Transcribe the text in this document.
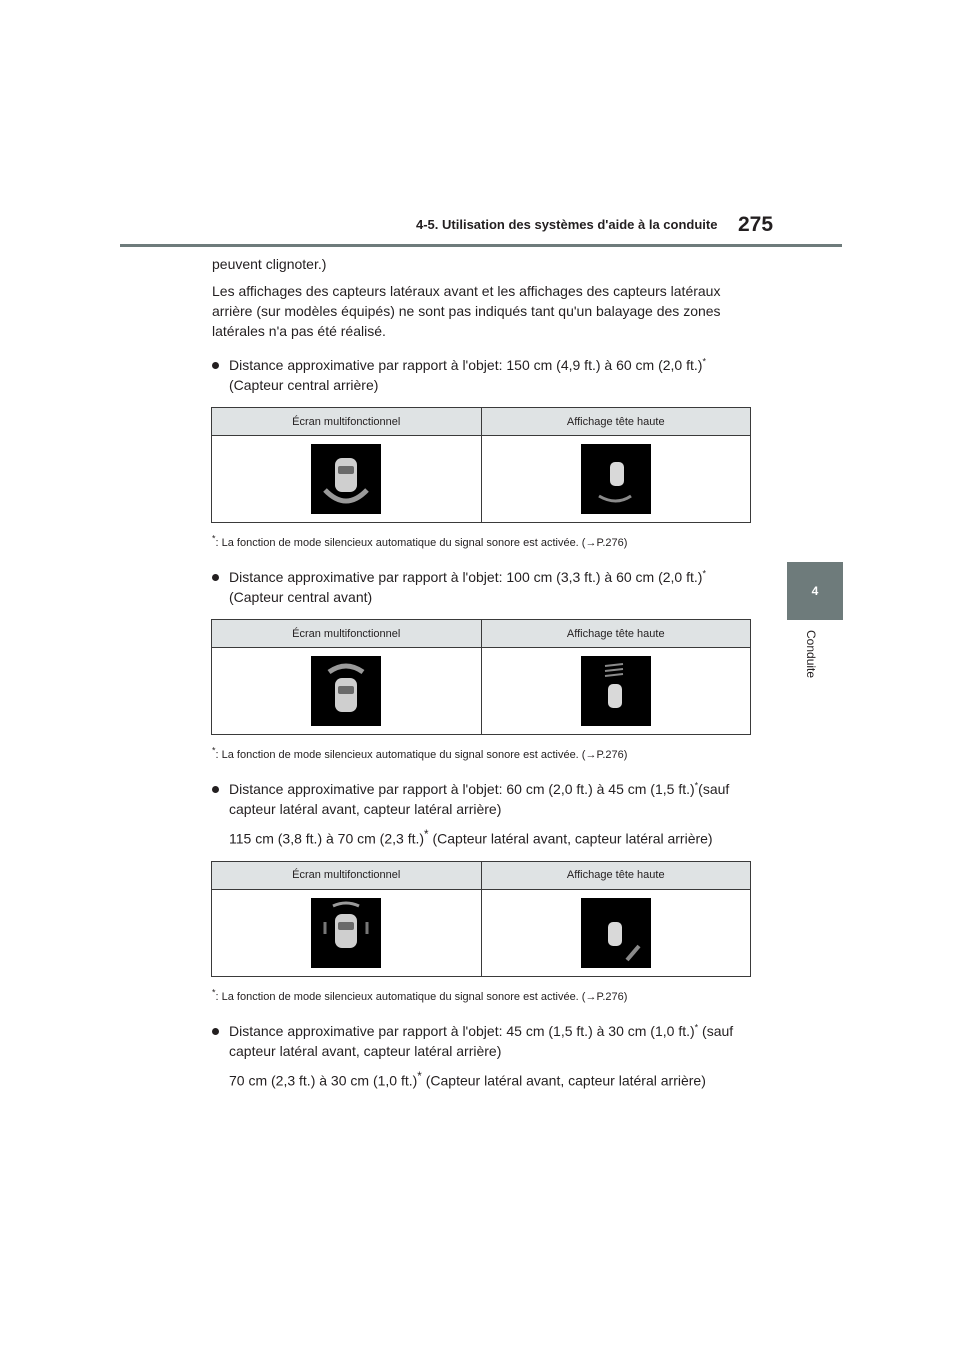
4-5. Utilisation des systèmes d'aide à la conduite 275
4
Conduite

peuvent clignoter.)

Les affichages des capteurs latéraux avant et les affichages des capteurs latéraux arrière (sur modèles équipés) ne sont pas indiqués tant qu'un balayage des zones latérales n'a pas été réalisé.

Distance approximative par rapport à l'objet: 150 cm (4,9 ft.) à 60 cm (2,0 ft.)*
(Capteur central arrière)
Écran multifonctionnel	Affichage tête haute

*: La fonction de mode silencieux automatique du signal sonore est activée. (→P.276)
Distance approximative par rapport à l'objet: 100 cm (3,3 ft.) à 60 cm (2,0 ft.)*
(Capteur central avant)
Écran multifonctionnel	Affichage tête haute

*: La fonction de mode silencieux automatique du signal sonore est activée. (→P.276)
Distance approximative par rapport à l'objet: 60 cm (2,0 ft.) à 45 cm (1,5 ft.)*(sauf capteur latéral avant, capteur latéral arrière)
115 cm (3,8 ft.) à 70 cm (2,3 ft.)* (Capteur latéral avant, capteur latéral arrière)
Écran multifonctionnel	Affichage tête haute

*: La fonction de mode silencieux automatique du signal sonore est activée. (→P.276)
Distance approximative par rapport à l'objet: 45 cm (1,5 ft.) à 30 cm (1,0 ft.)* (sauf capteur latéral avant, capteur latéral arrière)
70 cm (2,3 ft.) à 30 cm (1,0 ft.)* (Capteur latéral avant, capteur latéral arrière)
